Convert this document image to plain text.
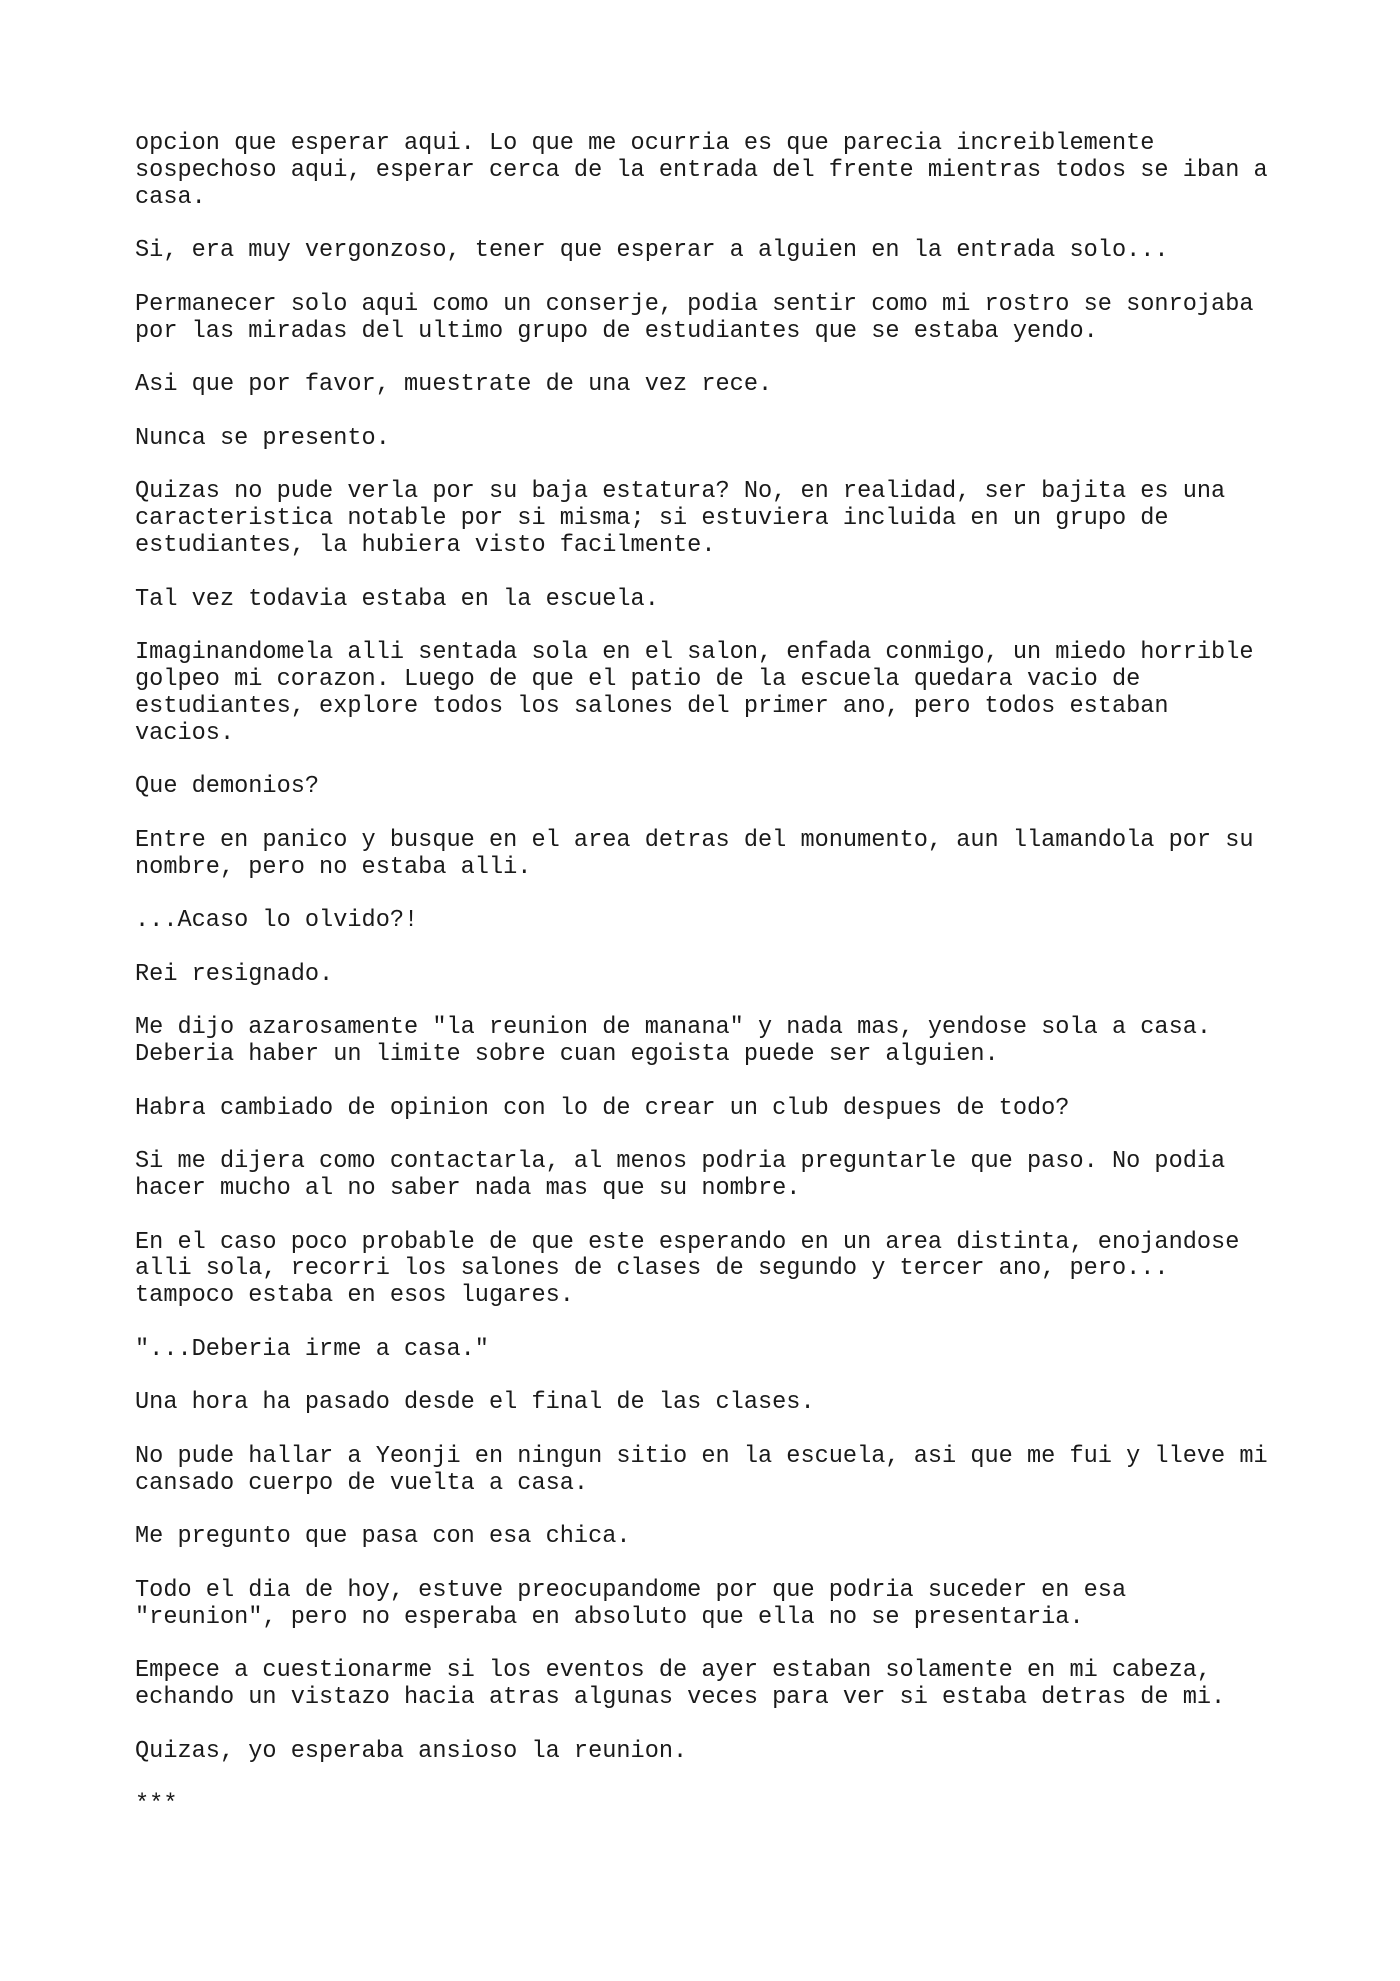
opcion que esperar aqui. Lo que me ocurria es que parecia increiblemente
sospechoso aqui, esperar cerca de la entrada del frente mientras todos se iban a
casa.

Si, era muy vergonzoso, tener que esperar a alguien en la entrada solo...

Permanecer solo aqui como un conserje, podia sentir como mi rostro se sonrojaba
por las miradas del ultimo grupo de estudiantes que se estaba yendo.

Asi que por favor, muestrate de una vez rece.

Nunca se presento.

Quizas no pude verla por su baja estatura? No, en realidad, ser bajita es una
caracteristica notable por si misma; si estuviera incluida en un grupo de
estudiantes, la hubiera visto facilmente.

Tal vez todavia estaba en la escuela.

Imaginandomela alli sentada sola en el salon, enfada conmigo, un miedo horrible
golpeo mi corazon. Luego de que el patio de la escuela quedara vacio de
estudiantes, explore todos los salones del primer ano, pero todos estaban
vacios.

Que demonios?

Entre en panico y busque en el area detras del monumento, aun llamandola por su
nombre, pero no estaba alli.

...Acaso lo olvido?!

Rei resignado.

Me dijo azarosamente "la reunion de manana" y nada mas, yendose sola a casa.
Deberia haber un limite sobre cuan egoista puede ser alguien.

Habra cambiado de opinion con lo de crear un club despues de todo?

Si me dijera como contactarla, al menos podria preguntarle que paso. No podia
hacer mucho al no saber nada mas que su nombre.

En el caso poco probable de que este esperando en un area distinta, enojandose
alli sola, recorri los salones de clases de segundo y tercer ano, pero...
tampoco estaba en esos lugares.

"...Deberia irme a casa."

Una hora ha pasado desde el final de las clases.

No pude hallar a Yeonji en ningun sitio en la escuela, asi que me fui y lleve mi
cansado cuerpo de vuelta a casa.

Me pregunto que pasa con esa chica.

Todo el dia de hoy, estuve preocupandome por que podria suceder en esa
"reunion", pero no esperaba en absoluto que ella no se presentaria.

Empece a cuestionarme si los eventos de ayer estaban solamente en mi cabeza,
echando un vistazo hacia atras algunas veces para ver si estaba detras de mi.

Quizas, yo esperaba ansioso la reunion.

***
